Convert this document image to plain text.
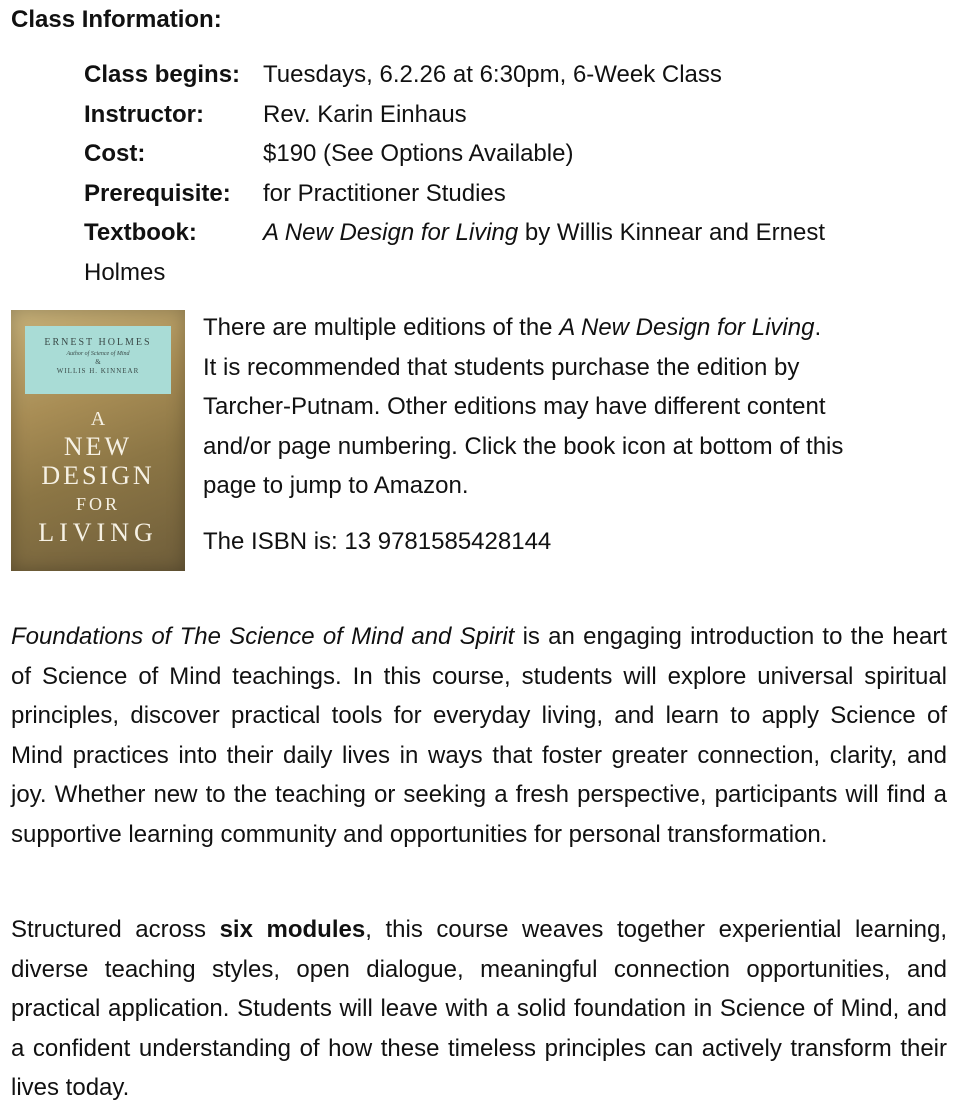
Class Information:
Class begins: Tuesdays, 6.2.26 at 6:30pm, 6-Week Class
Instructor:	Rev. Karin Einhaus
Cost:	$190 (See Options Available)
Prerequisite:	for Practitioner Studies
Textbook:	A New Design for Living by Willis Kinnear and Ernest
Holmes
ERNEST HOLMES
Author of Science of Mind
&
WILLIS H. KINNEAR
A
NEW
DESIGN
FOR
LIVING

There are multiple editions of the A New Design for Living.

It is recommended that students purchase the edition by

Tarcher-Putnam. Other editions may have different content

and/or page numbering. Click the book icon at bottom of this

page to jump to Amazon.

The ISBN is: 13 9781585428144

Foundations of The Science of Mind and Spirit is an engaging introduction to the heart of Science of Mind teachings. In this course, students will explore universal spiritual principles, discover practical tools for everyday living, and learn to apply Science of Mind practices into their daily lives in ways that foster greater connection, clarity, and joy. Whether new to the teaching or seeking a fresh perspective, participants will find a supportive learning community and opportunities for personal transformation.

Structured across six modules, this course weaves together experiential learning, diverse teaching styles, open dialogue, meaningful connection opportunities, and practical application. Students will leave with a solid foundation in Science of Mind, and a confident understanding of how these timeless principles can actively transform their lives today.
